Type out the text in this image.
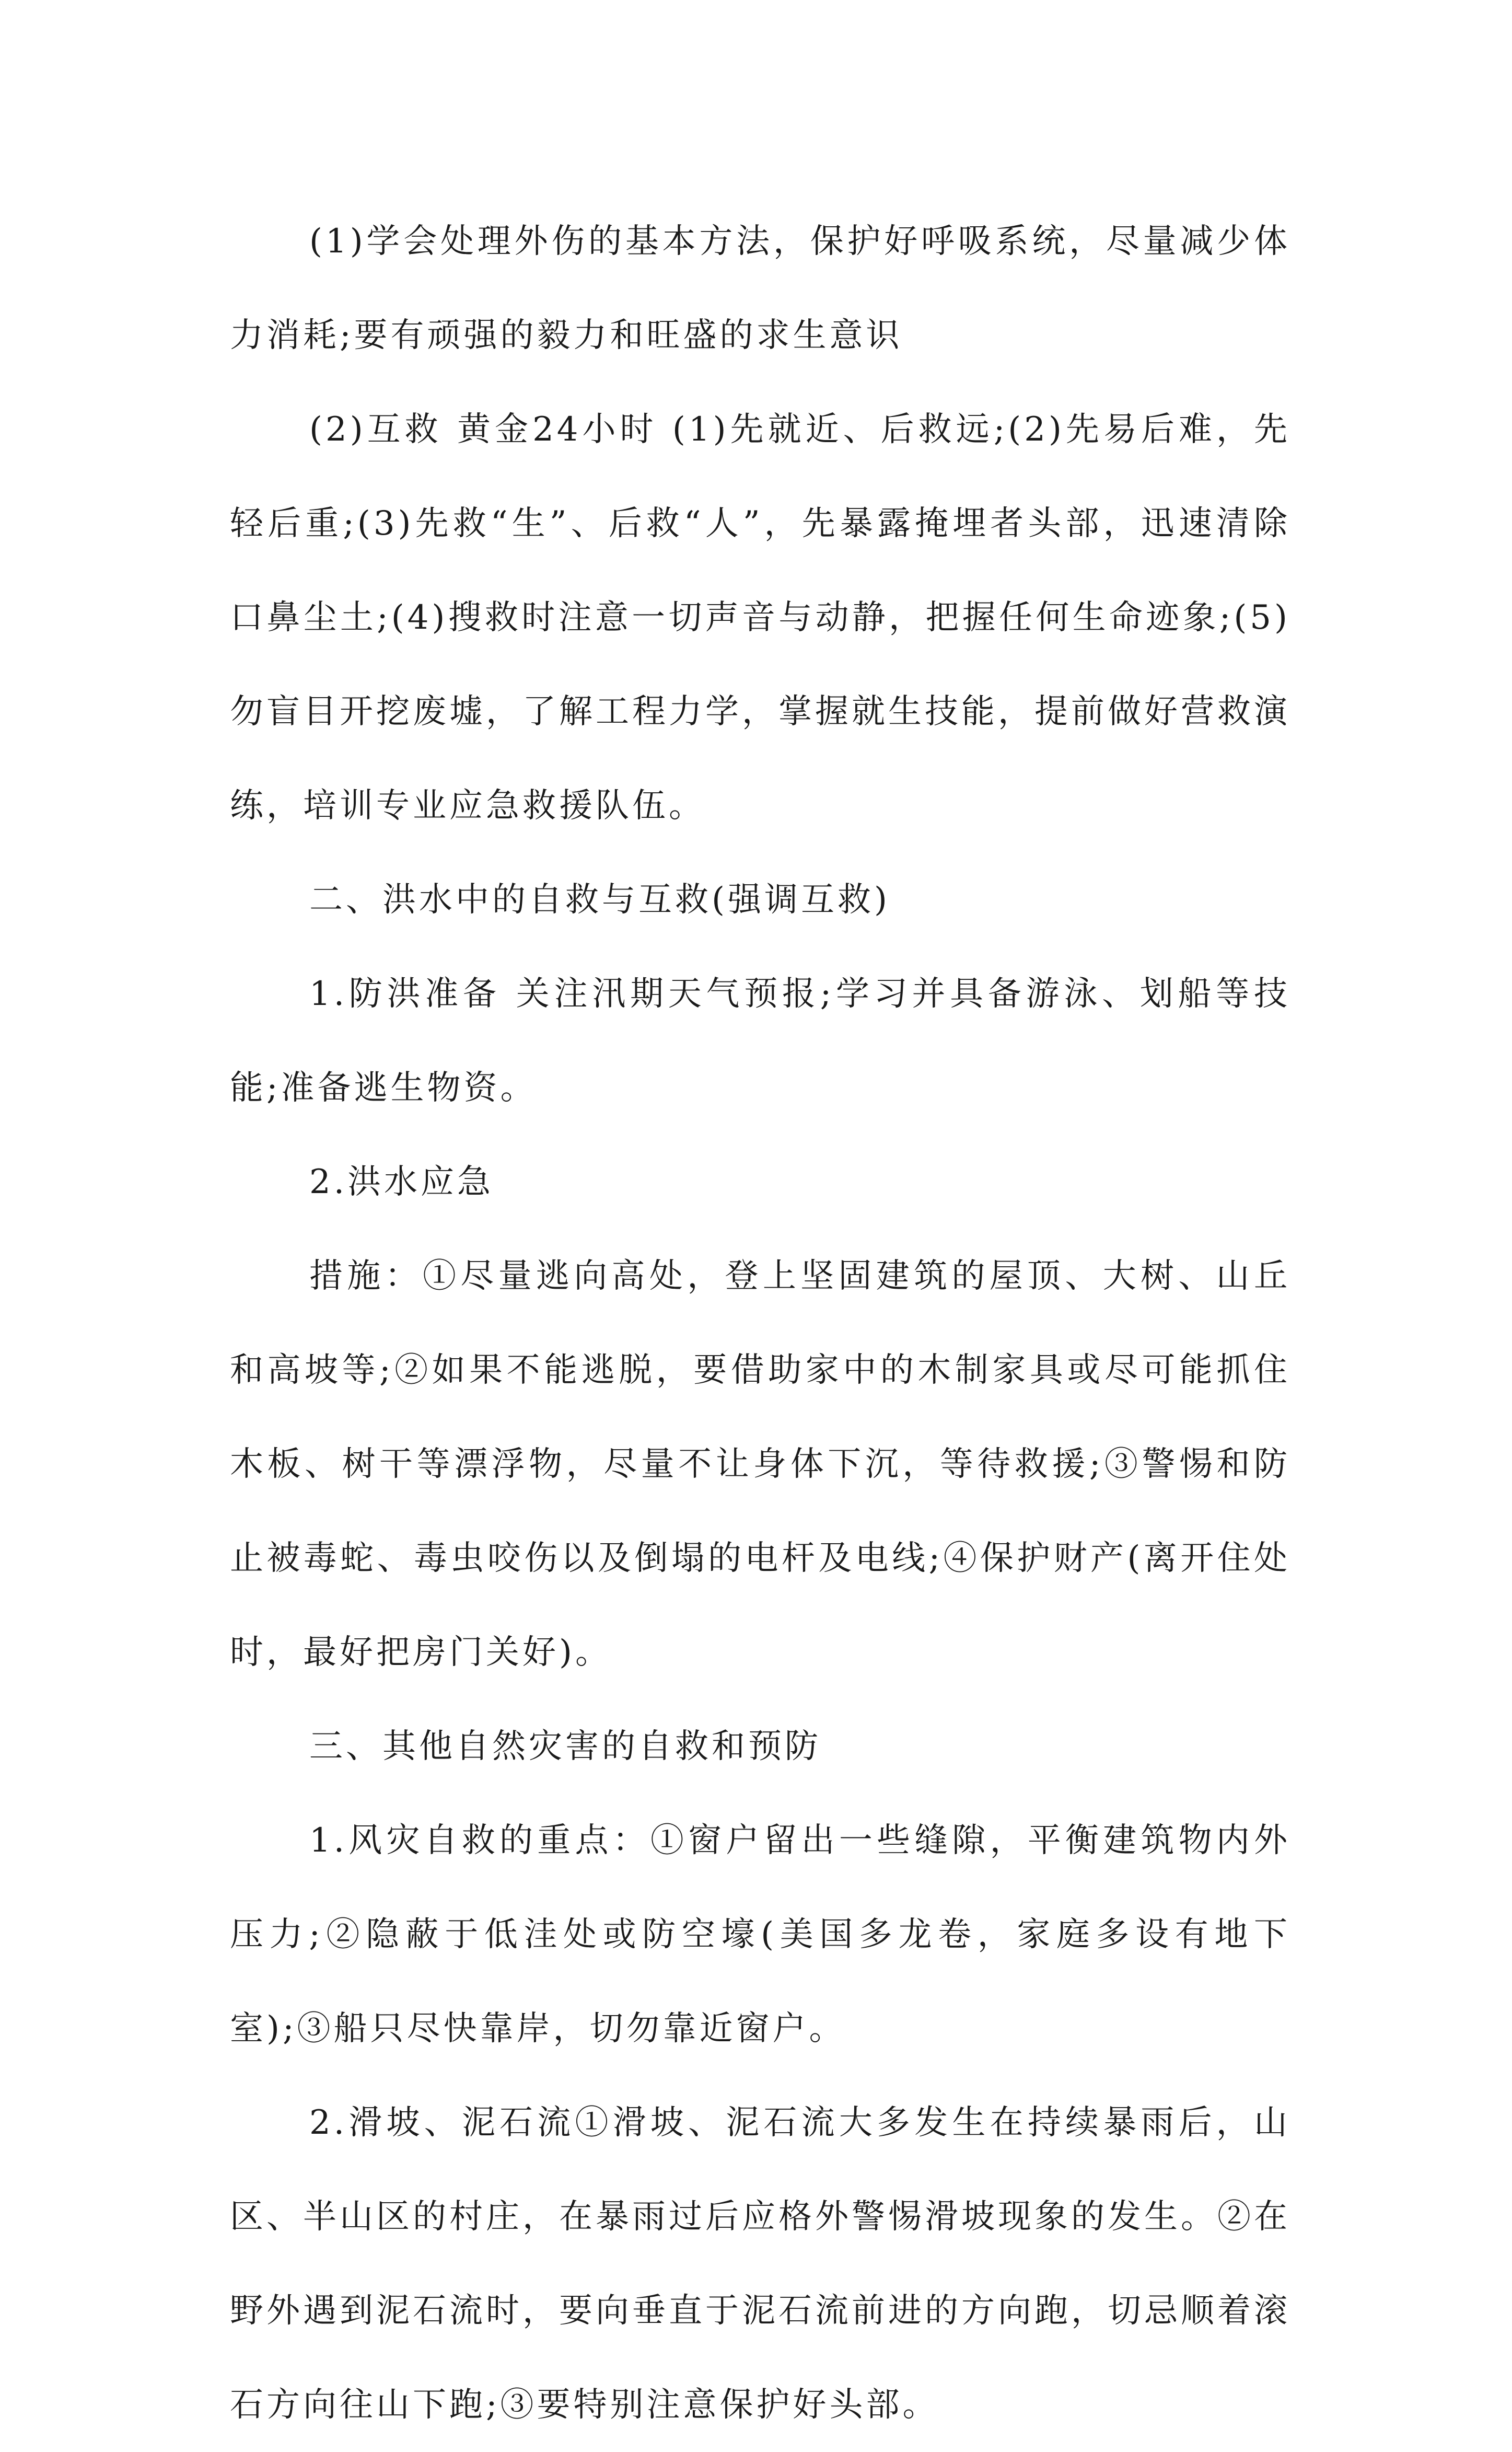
(1)学会处理外伤的基本方法，保护好呼吸系统，尽量减少体力消耗;要有顽强的毅力和旺盛的求生意识

(2)互救 黄金24小时 (1)先就近、后救远;(2)先易后难，先轻后重;(3)先救“生”、后救“人”，先暴露掩埋者头部，迅速清除口鼻尘土;(4)搜救时注意一切声音与动静，把握任何生命迹象;(5)勿盲目开挖废墟，了解工程力学，掌握就生技能，提前做好营救演练，培训专业应急救援队伍。

二、洪水中的自救与互救(强调互救)

1.防洪准备 关注汛期天气预报;学习并具备游泳、划船等技能;准备逃生物资。

2.洪水应急

措施：①尽量逃向高处，登上坚固建筑的屋顶、大树、山丘和高坡等;②如果不能逃脱，要借助家中的木制家具或尽可能抓住木板、树干等漂浮物，尽量不让身体下沉，等待救援;③警惕和防止被毒蛇、毒虫咬伤以及倒塌的电杆及电线;④保护财产(离开住处时，最好把房门关好)。

三、其他自然灾害的自救和预防

1.风灾自救的重点：①窗户留出一些缝隙，平衡建筑物内外压力;②隐蔽于低洼处或防空壕(美国多龙卷，家庭多设有地下室);③船只尽快靠岸，切勿靠近窗户。

2.滑坡、泥石流①滑坡、泥石流大多发生在持续暴雨后，山区、半山区的村庄，在暴雨过后应格外警惕滑坡现象的发生。②在野外遇到泥石流时，要向垂直于泥石流前进的方向跑，切忌顺着滚石方向往山下跑;③要特别注意保护好头部。
